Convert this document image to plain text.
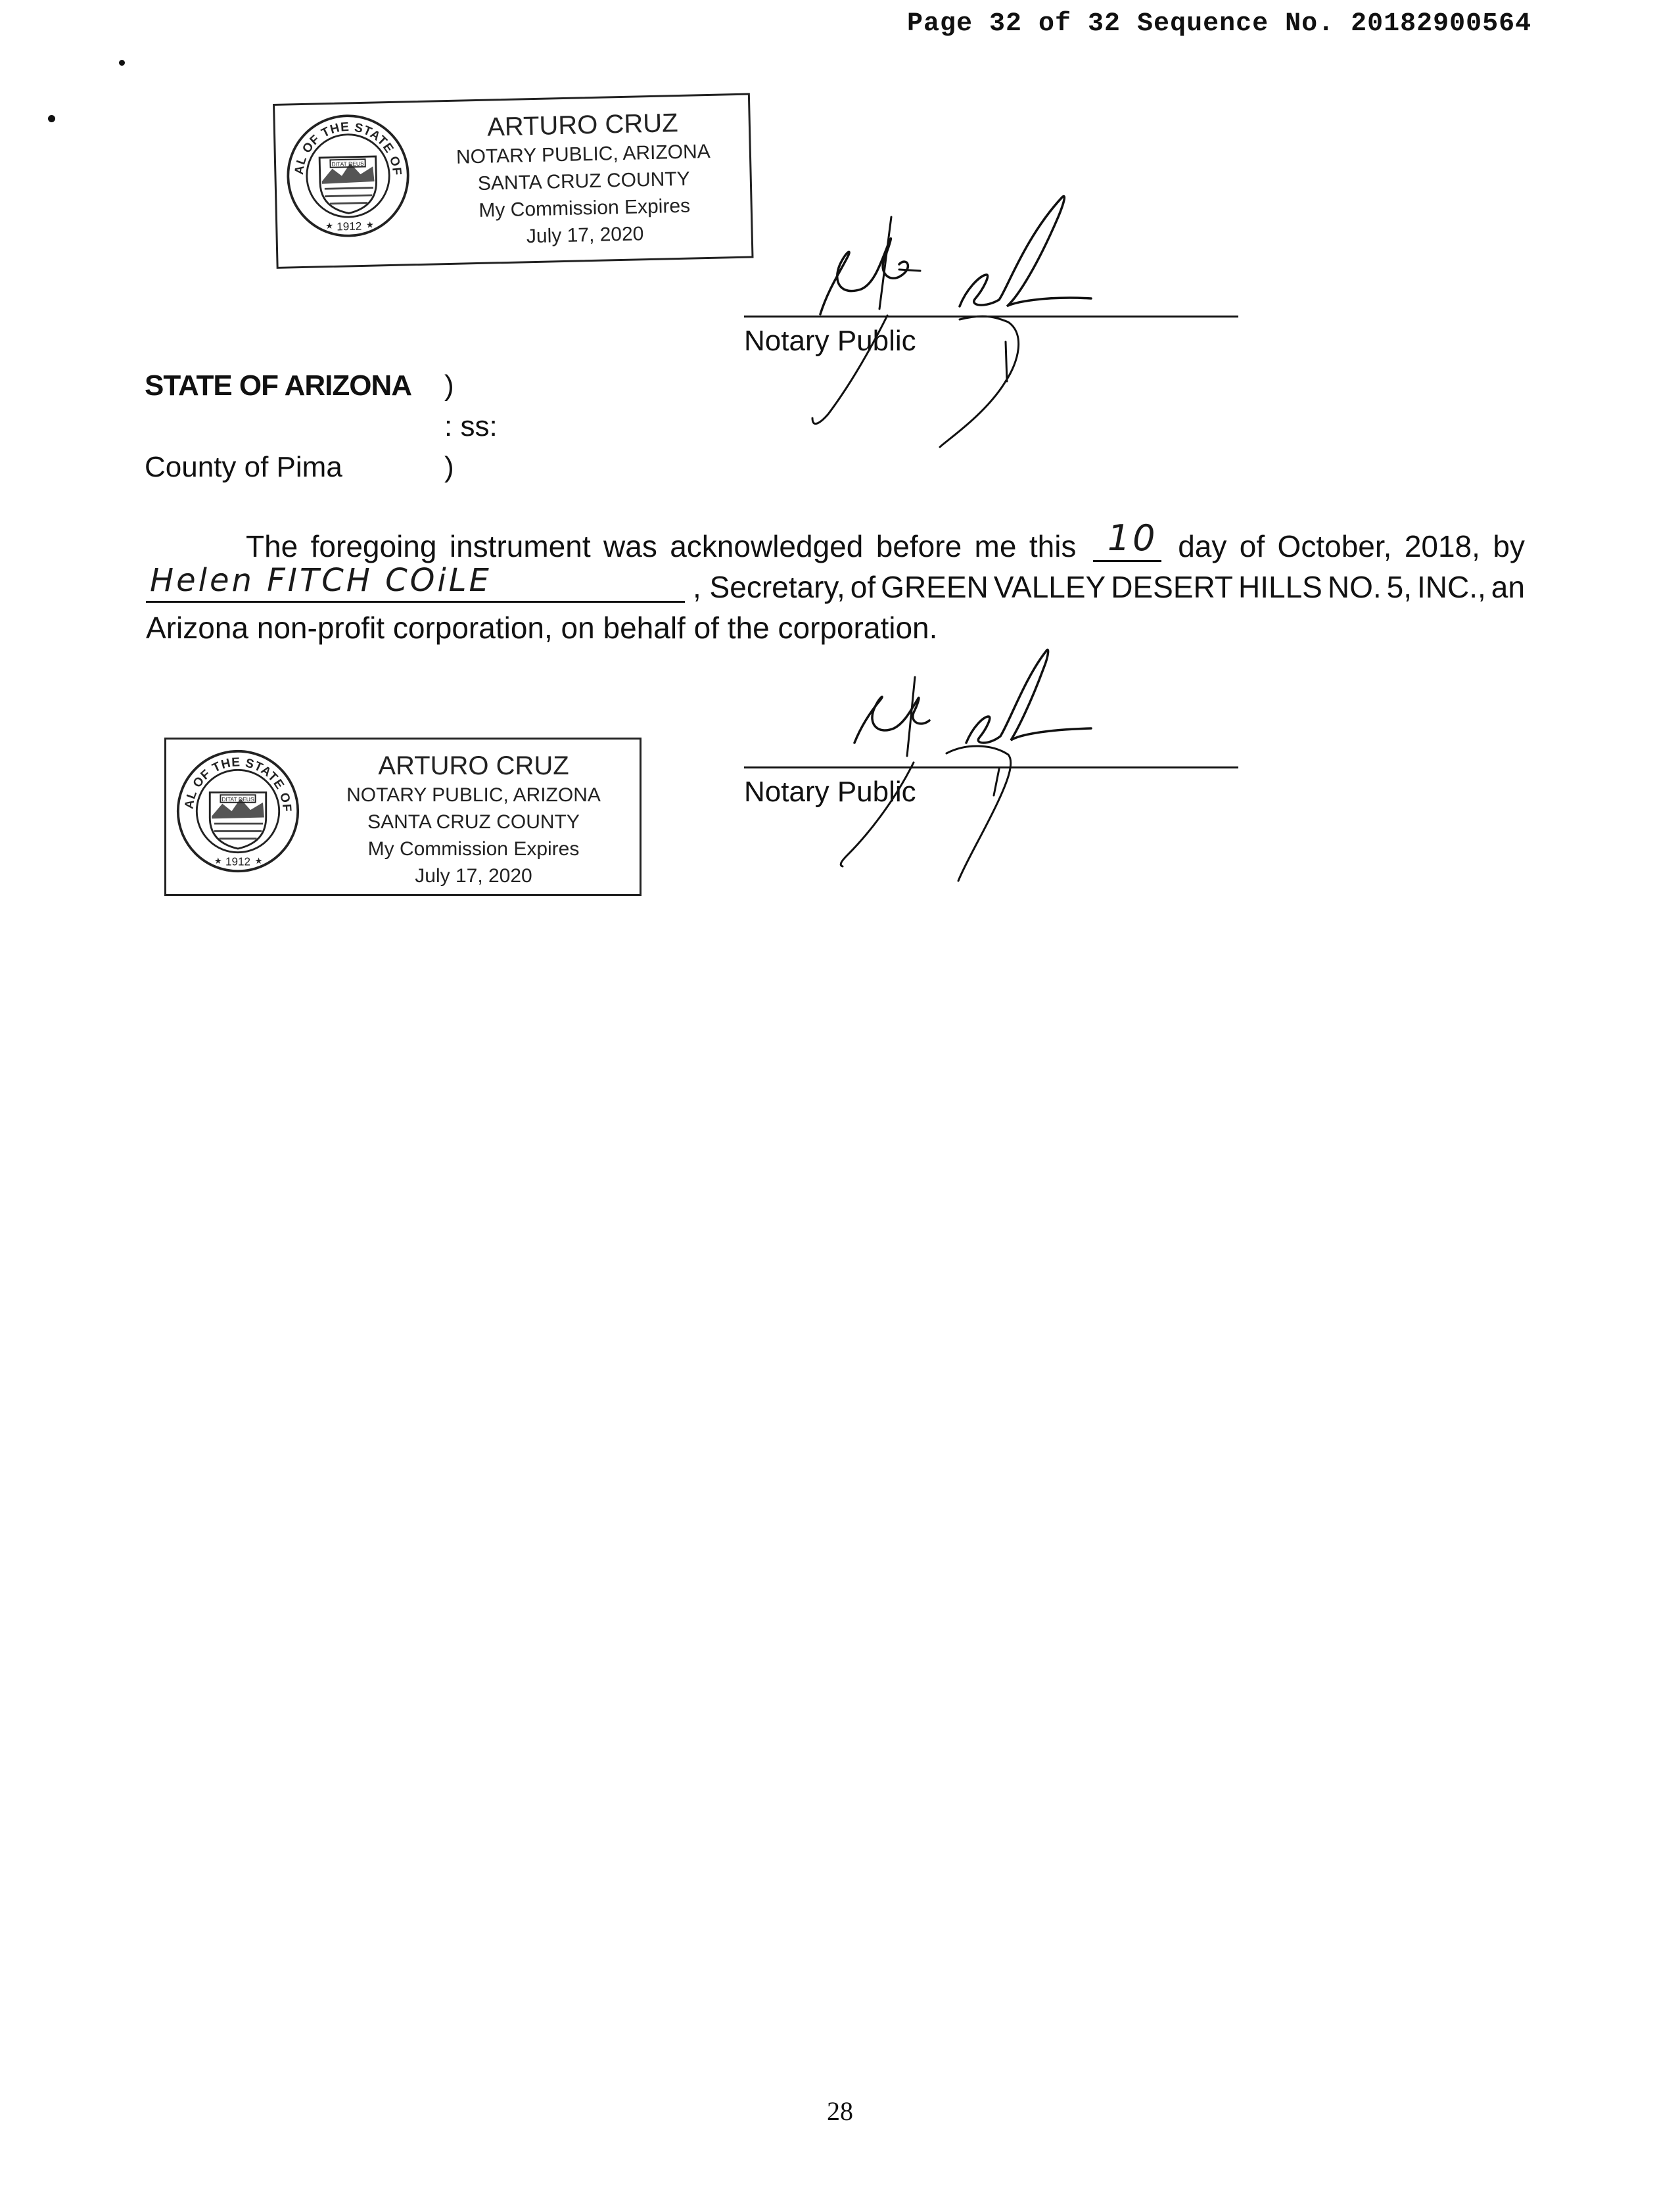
Page 32 of 32 Sequence No. 20182900564
SEAL OF THE STATE OF
DITAT DEUS
1912
★	★
ARTURO CRUZ
NOTARY PUBLIC, ARIZONA
SANTA CRUZ COUNTY
My Commission Expires
July 17, 2020
Notary Public
STATE OF ARIZONA )
: ss:
County of Pima	)
The foregoing instrument was acknowledged before me this 10 day of October, 2018, by
Helen FITCH COiLE	, Secretary, of GREEN VALLEY DESERT HILLS NO. 5, INC., an
Arizona non-profit corporation, on behalf of the corporation.
AL OF THE STATE OF
DITAT DEUS
1912
★	★
ARTURO CRUZ
NOTARY PUBLIC, ARIZONA
SANTA CRUZ COUNTY
My Commission Expires
July 17, 2020
Notary Public
28
